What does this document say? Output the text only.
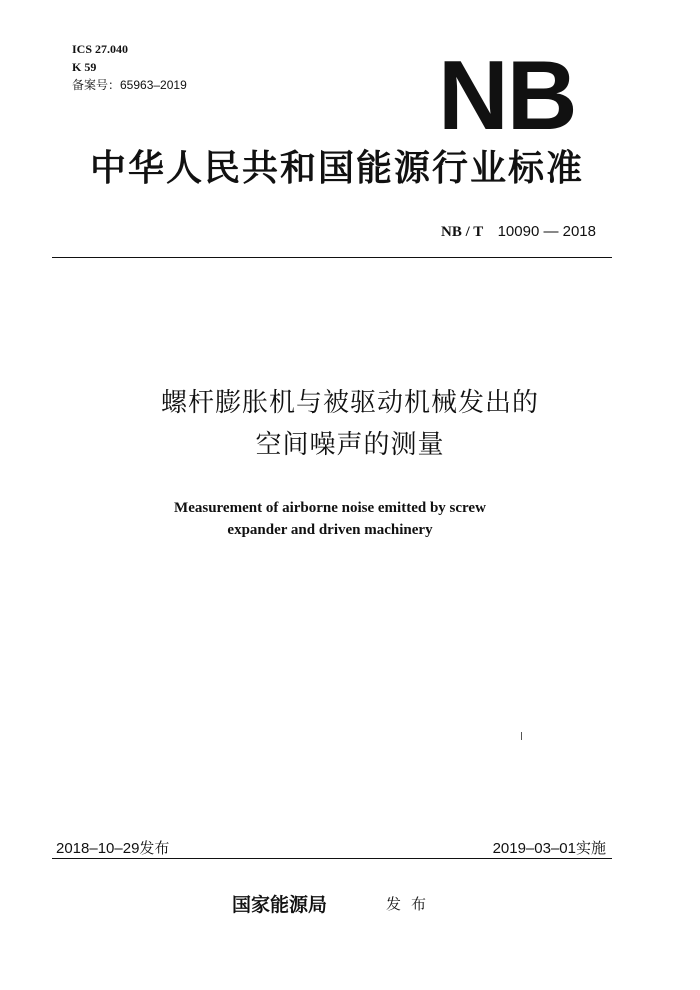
ICS 27.040
K 59
备案号：65963–2019	NB
中华人民共和国能源行业标准
NB / T 10090 — 2018
螺杆膨胀机与被驱动机械发出的
空间噪声的测量
Measurement of airborne noise emitted by screw
expander and driven machinery
2018–10–29发布	2019–03–01实施
国家能源局	发布
